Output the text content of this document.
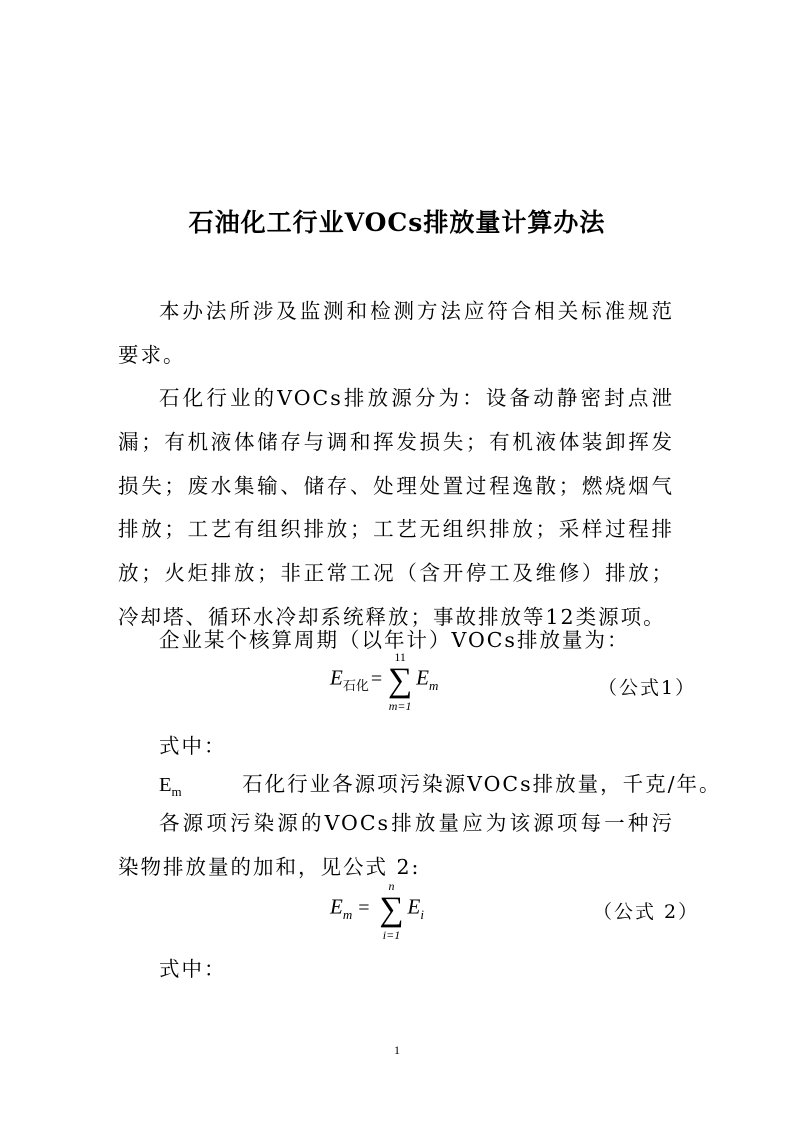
石油化工行业VOCs排放量计算办法

本办法所涉及监测和检测方法应符合相关标准规范要求。

石化行业的VOCs排放源分为：设备动静密封点泄漏；有机液体储存与调和挥发损失；有机液体装卸挥发损失；废水集输、储存、处理处置过程逸散；燃烧烟气排放；工艺有组织排放；工艺无组织排放；采样过程排放；火炬排放；非正常工况（含开停工及维修）排放；冷却塔、循环水冷却系统释放；事故排放等12类源项。

企业某个核算周期（以年计）VOCs排放量为：

$E_{石化}$ =
11
∑
m=1
$E_m$	（公式1）
式中：
$E_m$	石化行业各源项污染源VOCs排放量，千克/年。

各源项污染源的VOCs排放量应为该源项每一种污染物排放量的加和，见公式 2:

$E_m$ =
n
∑
i=1
$E_i$	（公式 2）
式中：
1
